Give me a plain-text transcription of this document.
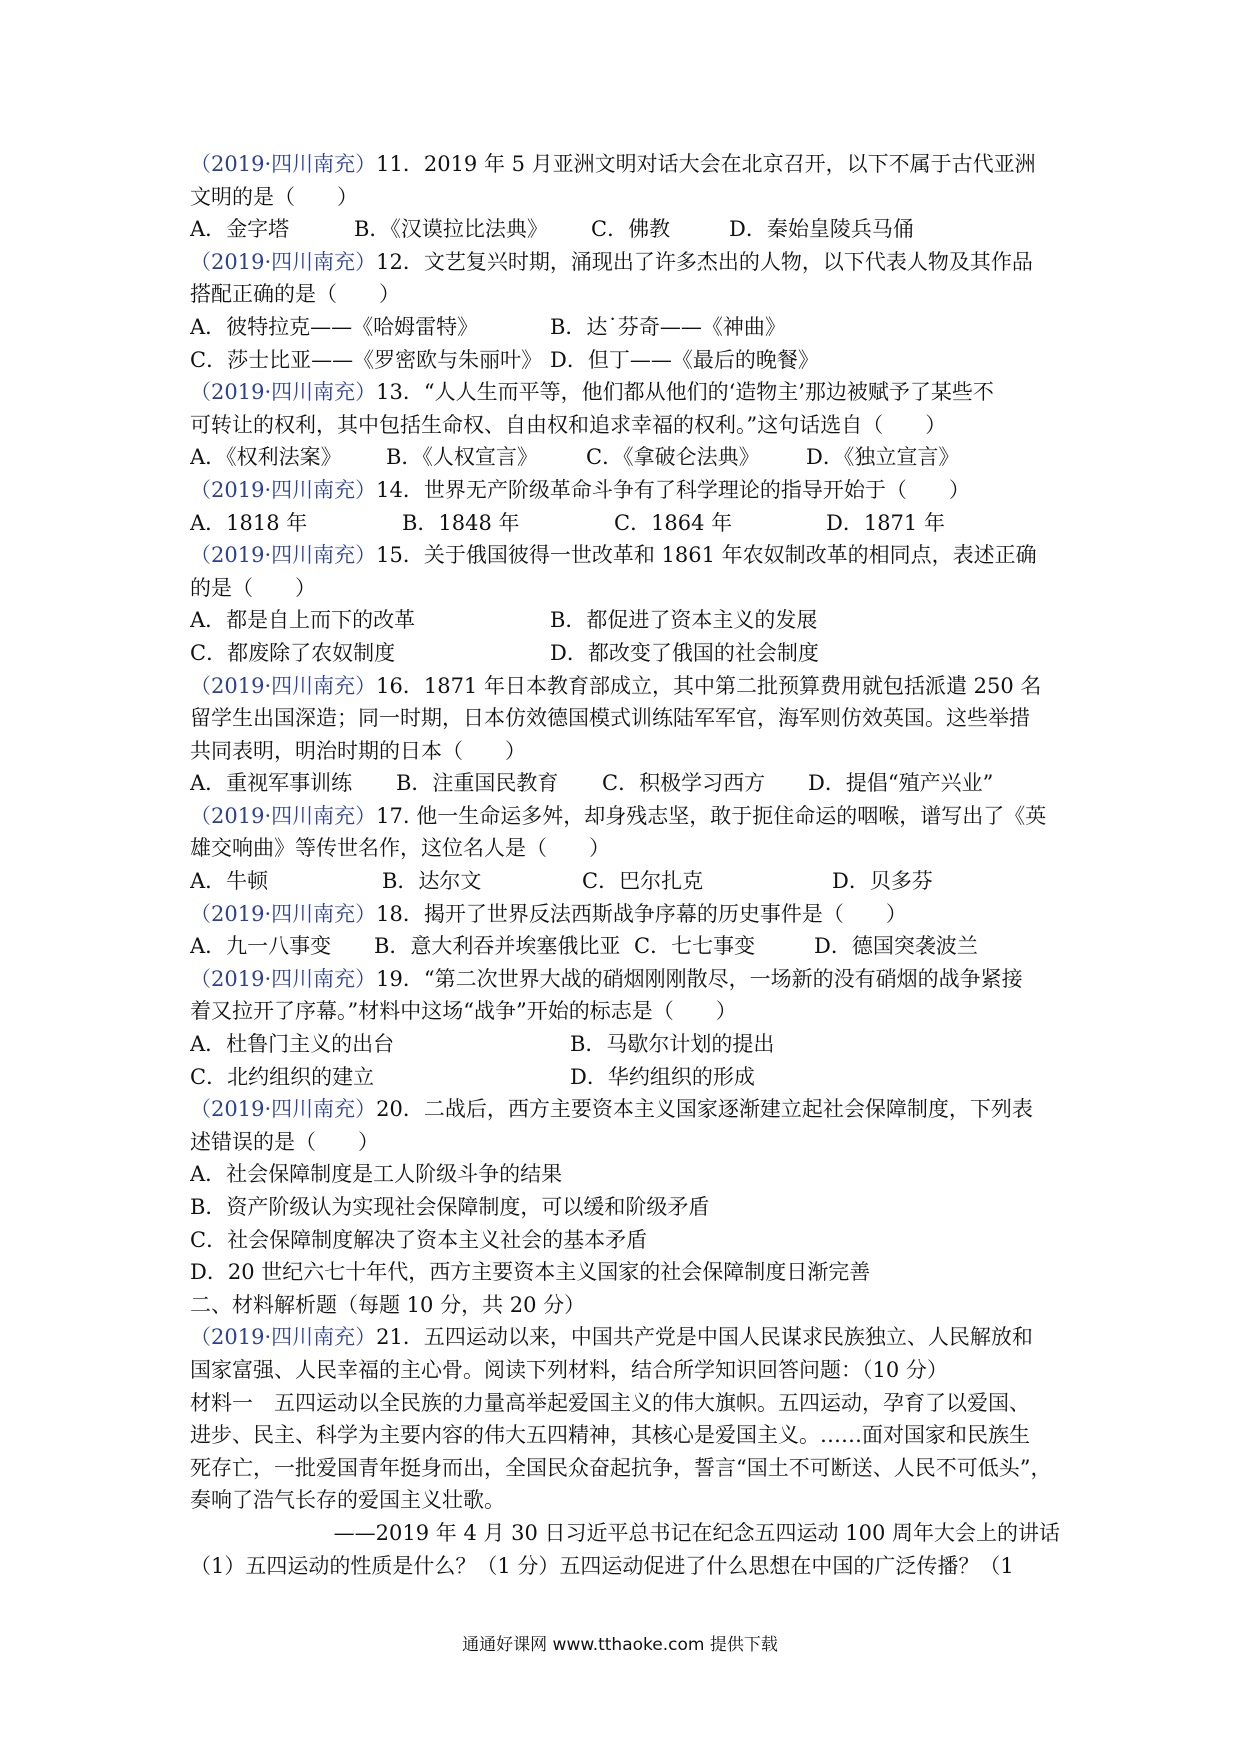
（2019·四川南充）11．2019 年 5 月亚洲文明对话大会在北京召开，以下不属于古代亚洲
文明的是（　　）
A．金字塔	B．《汉谟拉比法典》	C．佛教	D．秦始皇陵兵马俑
（2019·四川南充）12．文艺复兴时期，涌现出了许多杰出的人物，以下代表人物及其作品
搭配正确的是（　　）
A．彼特拉克——《哈姆雷特》	B．达˙芬奇——《神曲》
C．莎士比亚——《罗密欧与朱丽叶》 D．但丁——《最后的晚餐》
（2019·四川南充）13．“人人生而平等，他们都从他们的‘造物主’那边被赋予了某些不
可转让的权利，其中包括生命权、自由权和追求幸福的权利。”这句话选自（　　）
A．《权利法案》	B．《人权宣言》	C．《拿破仑法典》	D．《独立宣言》
（2019·四川南充）14．世界无产阶级革命斗争有了科学理论的指导开始于（　　）
A．1818 年	B．1848 年	C．1864 年	D．1871 年
（2019·四川南充）15．关于俄国彼得一世改革和 1861 年农奴制改革的相同点，表述正确
的是（　　）
A．都是自上而下的改革	B．都促进了资本主义的发展
C．都废除了农奴制度	D．都改变了俄国的社会制度
（2019·四川南充）16．1871 年日本教育部成立，其中第二批预算费用就包括派遣 250 名
留学生出国深造；同一时期，日本仿效德国模式训练陆军军官，海军则仿效英国。这些举措
共同表明，明治时期的日本（　　）
A．重视军事训练	B．注重国民教育	C．积极学习西方	D．提倡“殖产兴业”
（2019·四川南充）17. 他一生命运多舛，却身残志坚，敢于扼住命运的咽喉，谱写出了《英
雄交响曲》等传世名作，这位名人是（　　）
A．牛顿	B．达尔文	C．巴尔扎克	D．贝多芬
（2019·四川南充）18．揭开了世界反法西斯战争序幕的历史事件是（　　）
A．九一八事变	B．意大利吞并埃塞俄比亚 C．七七事变	D．德国突袭波兰
（2019·四川南充）19．“第二次世界大战的硝烟刚刚散尽，一场新的没有硝烟的战争紧接
着又拉开了序幕。”材料中这场“战争”开始的标志是（　　）
A．杜鲁门主义的出台	B．马歇尔计划的提出
C．北约组织的建立	D．华约组织的形成
（2019·四川南充）20．二战后，西方主要资本主义国家逐渐建立起社会保障制度，下列表
述错误的是（　　）
A．社会保障制度是工人阶级斗争的结果
B．资产阶级认为实现社会保障制度，可以缓和阶级矛盾
C．社会保障制度解决了资本主义社会的基本矛盾
D．20 世纪六七十年代，西方主要资本主义国家的社会保障制度日渐完善
二、材料解析题（每题 10 分，共 20 分）
（2019·四川南充）21．五四运动以来，中国共产党是中国人民谋求民族独立、人民解放和
国家富强、人民幸福的主心骨。阅读下列材料，结合所学知识回答问题：（10 分）
材料一　五四运动以全民族的力量高举起爱国主义的伟大旗帜。五四运动，孕育了以爱国、
进步、民主、科学为主要内容的伟大五四精神，其核心是爱国主义。……面对国家和民族生
死存亡，一批爱国青年挺身而出，全国民众奋起抗争，誓言“国土不可断送、人民不可低头”，
奏响了浩气长存的爱国主义壮歌。
——2019 年 4 月 30 日习近平总书记在纪念五四运动 100 周年大会上的讲话
（1）五四运动的性质是什么？（1 分）五四运动促进了什么思想在中国的广泛传播？（1
通通好课网 www.tthaoke.com 提供下载
